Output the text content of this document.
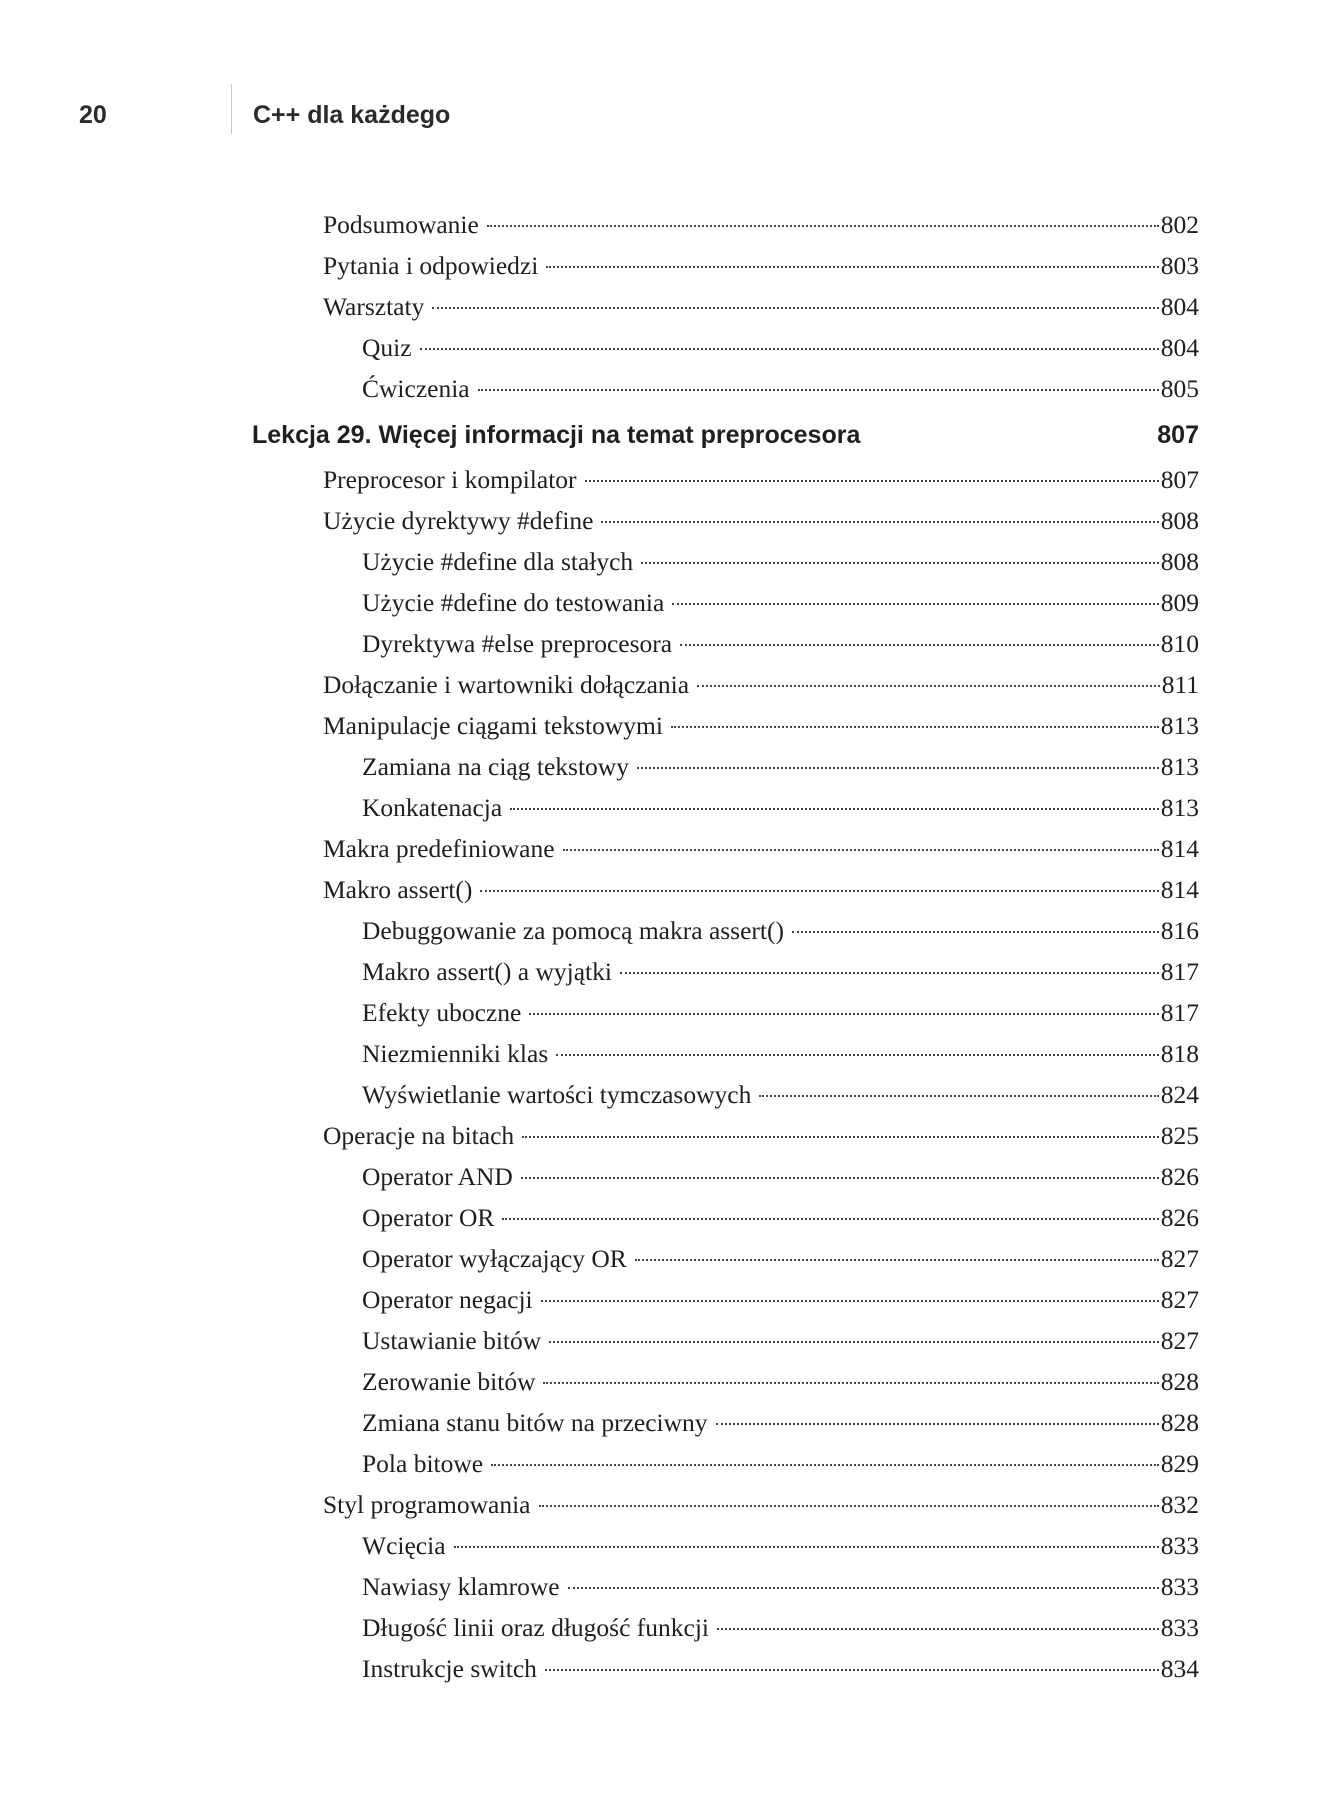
20	C++ dla każdego
Podsumowanie	802
Pytania i odpowiedzi	803
Warsztaty	804
Quiz	804
Ćwiczenia	805
Lekcja 29. Więcej informacji na temat preprocesora	807
Preprocesor i kompilator	807
Użycie dyrektywy #define	808
Użycie #define dla stałych	808
Użycie #define do testowania	809
Dyrektywa #else preprocesora	810
Dołączanie i wartowniki dołączania	811
Manipulacje ciągami tekstowymi	813
Zamiana na ciąg tekstowy	813
Konkatenacja	813
Makra predefiniowane	814
Makro assert()	814
Debuggowanie za pomocą makra assert()	816
Makro assert() a wyjątki	817
Efekty uboczne	817
Niezmienniki klas	818
Wyświetlanie wartości tymczasowych	824
Operacje na bitach	825
Operator AND	826
Operator OR	826
Operator wyłączający OR	827
Operator negacji	827
Ustawianie bitów	827
Zerowanie bitów	828
Zmiana stanu bitów na przeciwny	828
Pola bitowe	829
Styl programowania	832
Wcięcia	833
Nawiasy klamrowe	833
Długość linii oraz długość funkcji	833
Instrukcje switch	834
